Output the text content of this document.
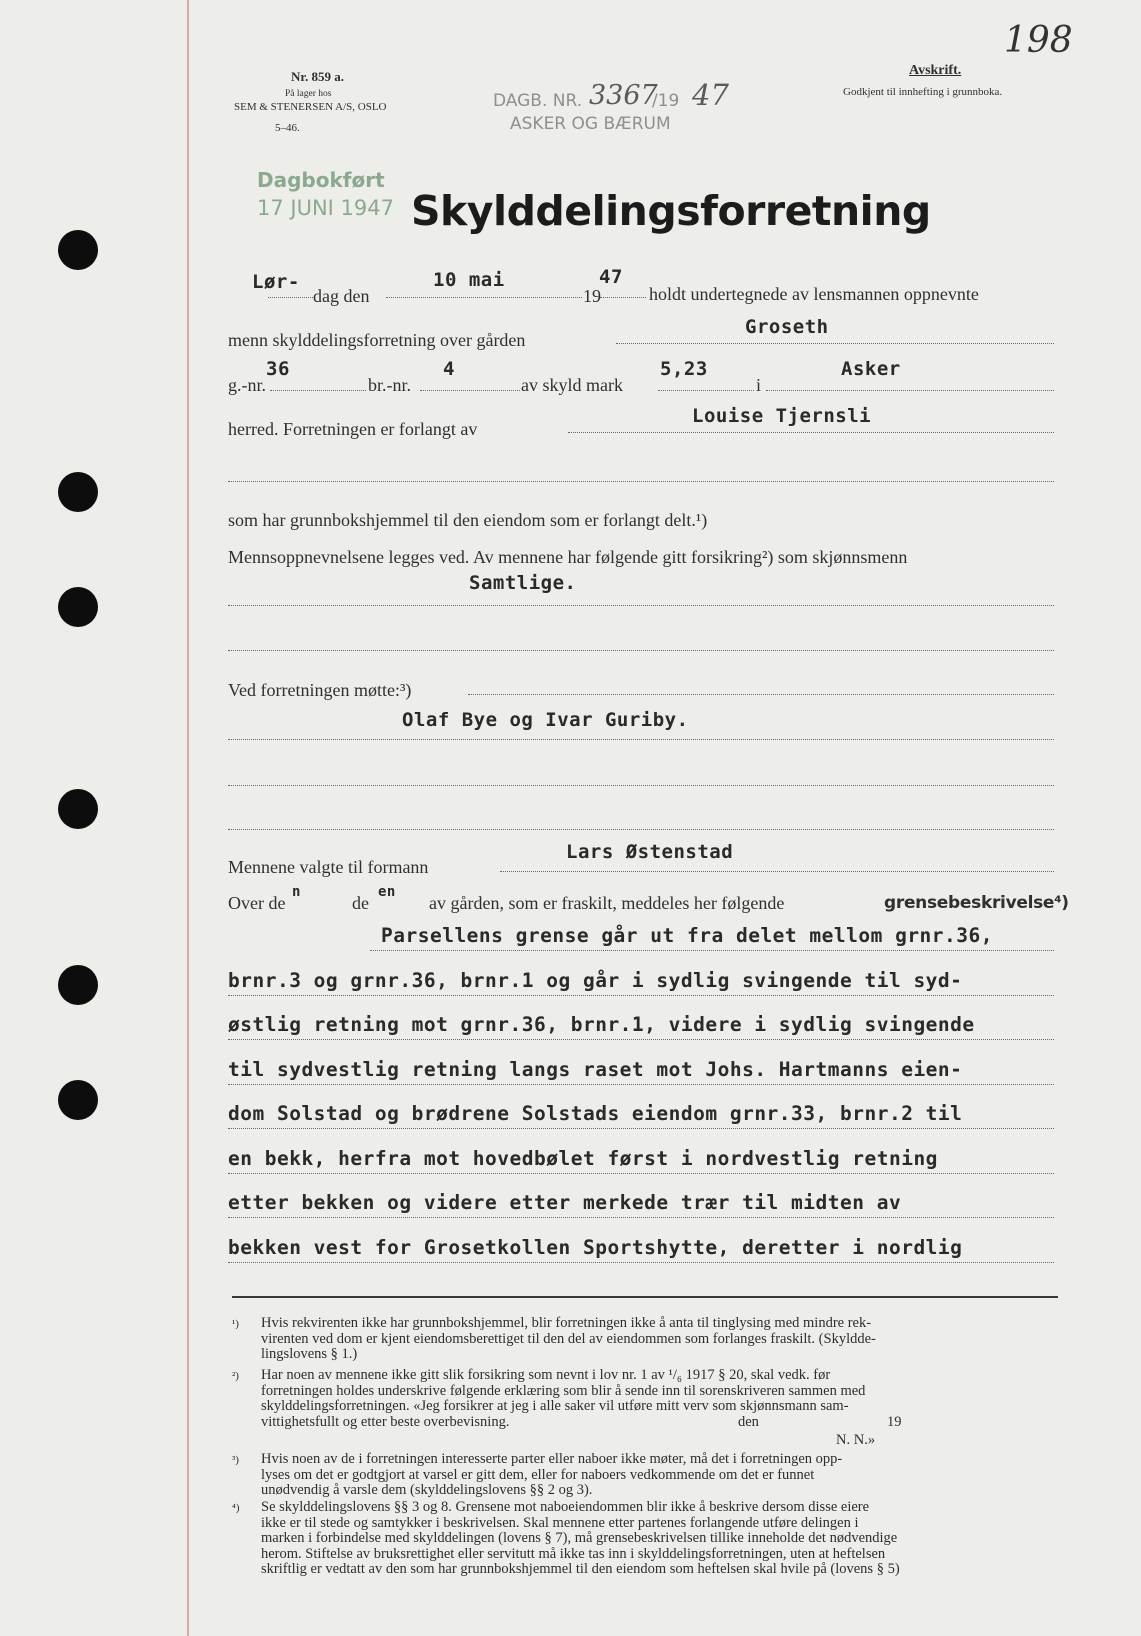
Nr. 859 a.
På lager hos
SEM & STENERSEN A/S, OSLO
5–46.
DAGB. NR. 3367
/19 47
ASKER OG BÆRUM
198
Avskrift.
Godkjent til innhefting i grunnboka.
Dagbokført
17 JUNI 1947 Skylddelingsforretning
Lør-
dag den
10 mai
19
47
holdt undertegnede av lensmannen oppnevnte
menn skylddelingsforretning over gården
Groseth
g.-nr.
36
br.-nr.
4
av skyld mark
5,23
i
Asker
herred. Forretningen er forlangt av
Louise Tjernsli
som har grunnbokshjemmel til den eiendom som er forlangt delt.¹)
Mennsoppnevnelsene legges ved. Av mennene har følgende gitt forsikring²) som skjønnsmenn
Samtlige.
Ved forretningen møtte:³)
Olaf Bye og Ivar Guriby.
Mennene valgte til formann
Lars Østenstad
Over de
n
de
en
av gården, som er fraskilt, meddeles her følgende	grensebeskrivelse⁴)
Parsellens grense går ut fra delet mellom grnr.36,
brnr.3 og grnr.36, brnr.1 og går i sydlig svingende til syd-
østlig retning mot grnr.36, brnr.1, videre i sydlig svingende
til sydvestlig retning langs raset mot Johs. Hartmanns eien-
dom Solstad og brødrene Solstads eiendom grnr.33, brnr.2 til
en bekk, herfra mot hovedbølet først i nordvestlig retning
etter bekken og videre etter merkede trær til midten av
bekken vest for Grosetkollen Sportshytte, deretter i nordlig
¹) Hvis rekvirenten ikke har grunnbokshjemmel, blir forretningen ikke å anta til tinglysing med mindre rek-
virenten ved dom er kjent eiendomsberettiget til den del av eiendommen som forlanges fraskilt. (Skyldde-
lingslovens § 1.)
²) Har noen av mennene ikke gitt slik forsikring som nevnt i lov nr. 1 av ¹/₆ 1917 § 20, skal vedk. før
forretningen holdes underskrive følgende erklæring som blir å sende inn til sorenskriveren sammen med
skylddelingsforretningen. «Jeg forsikrer at jeg i alle saker vil utføre mitt verv som skjønnsmann sam-
vittighetsfullt og etter beste overbevisning.	den	19
N. N.»
³) Hvis noen av de i forretningen interesserte parter eller naboer ikke møter, må det i forretningen opp-
lyses om det er godtgjort at varsel er gitt dem, eller for naboers vedkommende om det er funnet
unødvendig å varsle dem (skylddelingslovens §§ 2 og 3).
⁴) Se skylddelingslovens §§ 3 og 8. Grensene mot naboeiendommen blir ikke å beskrive dersom disse eiere
ikke er til stede og samtykker i beskrivelsen. Skal mennene etter partenes forlangende utføre delingen i
marken i forbindelse med skylddelingen (lovens § 7), må grensebeskrivelsen tillike inneholde det nødvendige
herom. Stiftelse av bruksrettighet eller servitutt må ikke tas inn i skylddelingsforretningen, uten at heftelsen
skriftlig er vedtatt av den som har grunnbokshjemmel til den eiendom som heftelsen skal hvile på (lovens § 5)
